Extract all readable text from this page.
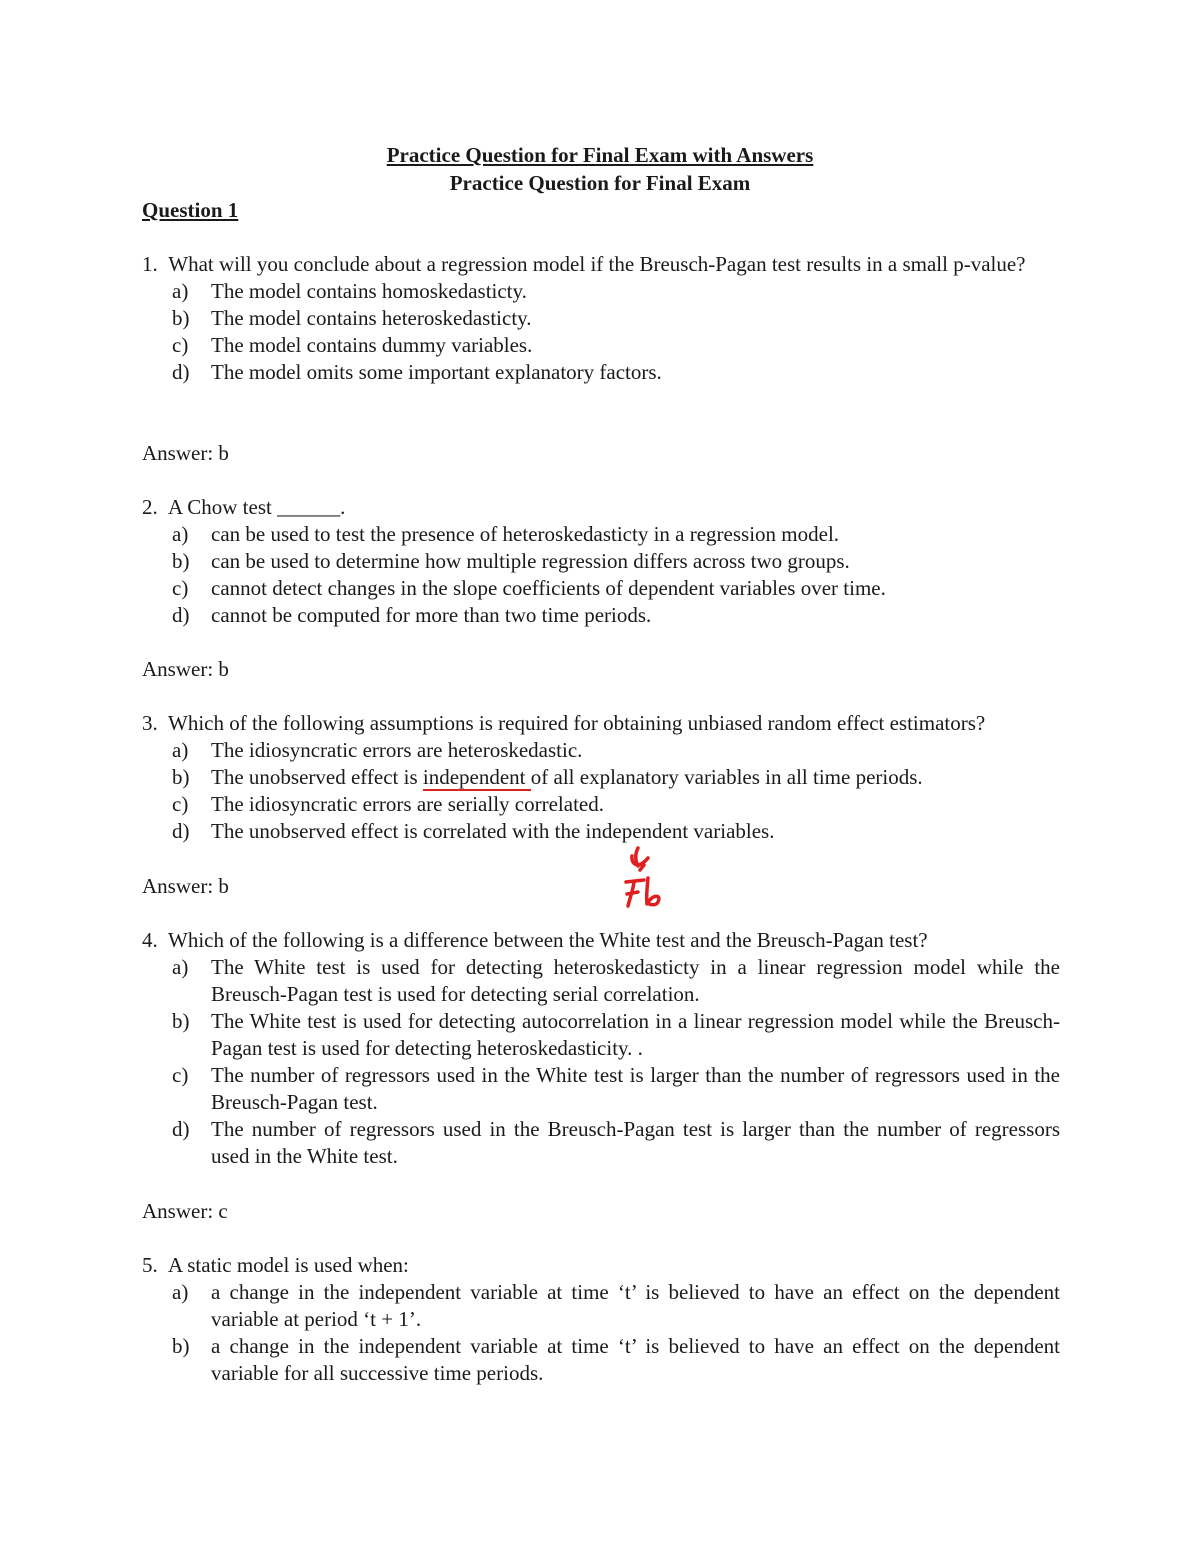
Practice Question for Final Exam with Answers
Practice Question for Final Exam
Question 1
1. What will you conclude about a regression model if the Breusch-Pagan test results in a small p-value?
a)	The model contains homoskedasticty.
b)	The model contains heteroskedasticty.
c)	The model contains dummy variables.
d)	The model omits some important explanatory factors.
Answer: b
2. A Chow test ______.
a)	can be used to test the presence of heteroskedasticty in a regression model.
b)	can be used to determine how multiple regression differs across two groups.
c)	cannot detect changes in the slope coefficients of dependent variables over time.
d)	cannot be computed for more than two time periods.
Answer: b
3. Which of the following assumptions is required for obtaining unbiased random effect estimators?
a)	The idiosyncratic errors are heteroskedastic.
b)	The unobserved effect is independent of all explanatory variables in all time periods.
c)	The idiosyncratic errors are serially correlated.
d)	The unobserved effect is correlated with the independent variables.
Answer: b
4. Which of the following is a difference between the White test and the Breusch-Pagan test?
a)	The White test is used for detecting heteroskedasticty in a linear regression model while the Breusch-Pagan test is used for detecting serial correlation.
b)	The White test is used for detecting autocorrelation in a linear regression model while the Breusch-Pagan test is used for detecting heteroskedasticity. .
c)	The number of regressors used in the White test is larger than the number of regressors used in the Breusch-Pagan test.
d)	The number of regressors used in the Breusch-Pagan test is larger than the number of regressors used in the White test.
Answer: c
5. A static model is used when:
a)	a change in the independent variable at time ‘t’ is believed to have an effect on the dependent variable at period ‘t + 1’.
b)	a change in the independent variable at time ‘t’ is believed to have an effect on the dependent variable for all successive time periods.
